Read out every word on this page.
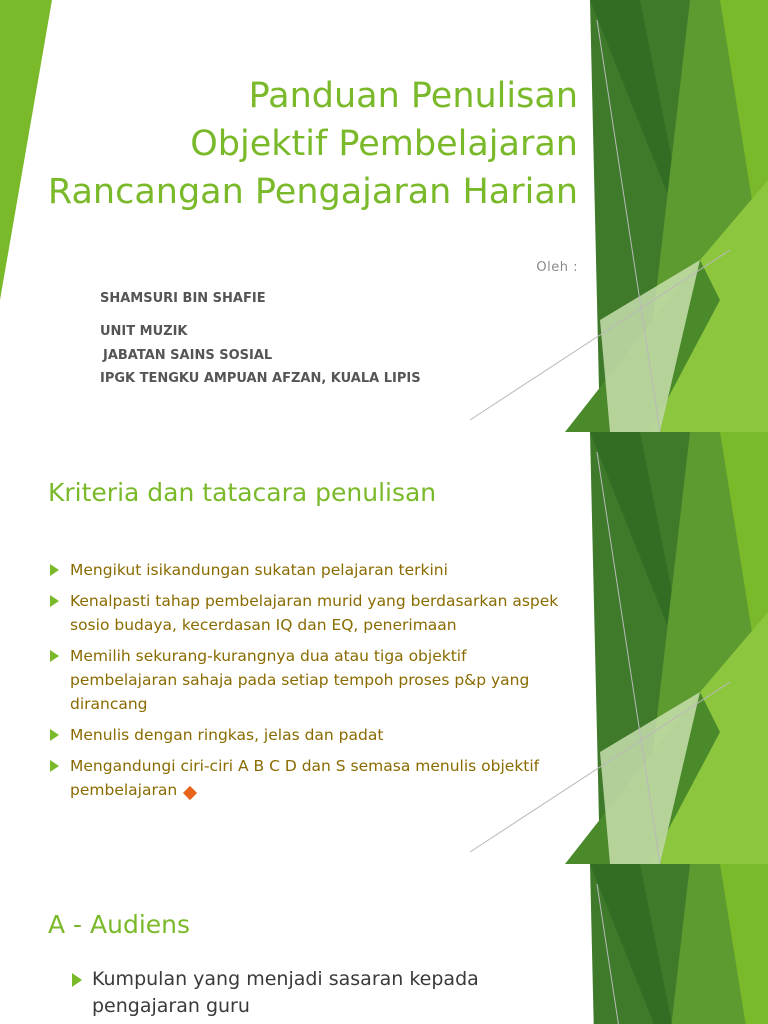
Panduan Penulisan
Objektif Pembelajaran
Rancangan Pengajaran Harian
Oleh :
SHAMSURI BIN SHAFIE
UNIT MUZIK
JABATAN SAINS SOSIAL
IPGK TENGKU AMPUAN AFZAN, KUALA LIPIS
Kriteria dan tatacara penulisan
Mengikut isikandungan sukatan pelajaran terkini
Kenalpasti tahap pembelajaran murid yang berdasarkan aspek sosio budaya, kecerdasan IQ dan EQ, penerimaan
Memilih sekurang-kurangnya dua atau tiga objektif pembelajaran sahaja pada setiap tempoh proses p&p yang dirancang
Menulis dengan ringkas, jelas dan padat
Mengandungi ciri-ciri A B C D dan S semasa menulis objektif pembelajaran
A - Audiens
Kumpulan yang menjadi sasaran kepada pengajaran guru
